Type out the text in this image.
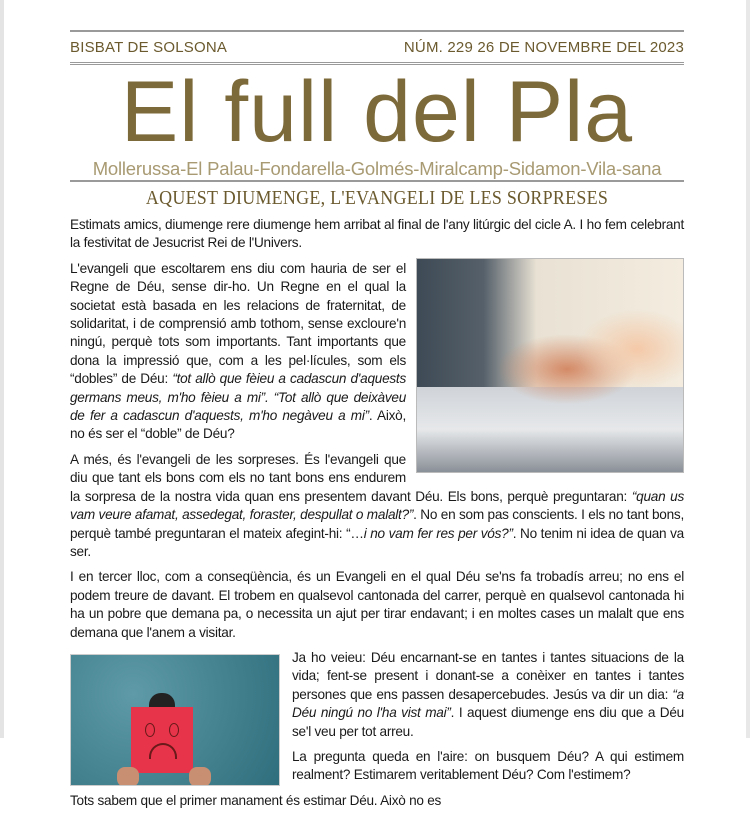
BISBAT DE SOLSONA	NÚM. 229 26 DE NOVEMBRE DEL 2023
El full del Pla
Mollerussa-El Palau-Fondarella-Golmés-Miralcamp-Sidamon-Vila-sana
AQUEST DIUMENGE, L'EVANGELI DE LES SORPRESES

Estimats amics, diumenge rere diumenge hem arribat al final de l'any litúrgic del cicle A. I ho fem celebrant la festivitat de Jesucrist Rei de l'Univers.

L'evangeli que escoltarem ens diu com hauria de ser el Regne de Déu, sense dir-ho. Un Regne en el qual la societat està basada en les relacions de fraternitat, de solidaritat, i de comprensió amb tothom, sense excloure'n ningú, perquè tots som importants. Tant importants que dona la impressió que, com a les pel·lícules, som els “dobles” de Déu: “tot allò que fèieu a cadascun d'aquests germans meus, m'ho fèieu a mi”. “Tot allò que deixàveu de fer a cadascun d'aquests, m'ho negàveu a mi”. Això, no és ser el “doble” de Déu?

A més, és l'evangeli de les sorpreses. És l'evangeli que diu que tant els bons com els no tant bons ens endurem la sorpresa de la nostra vida quan ens presentem davant Déu. Els bons, perquè preguntaran: “quan us vam veure afamat, assedegat, foraster, despullat o malalt?”. No en som pas conscients. I els no tant bons, perquè també preguntaran el mateix afegint-hi: “…i no vam fer res per vós?”. No tenim ni idea de quan va ser.

I en tercer lloc, com a conseqüència, és un Evangeli en el qual Déu se'ns fa trobadís arreu; no ens el podem treure de davant. El trobem en qualsevol cantonada del carrer, perquè en qualsevol cantonada hi ha un pobre que demana pa, o necessita un ajut per tirar endavant; i en moltes cases un malalt que ens demana que l'anem a visitar.

Ja ho veieu: Déu encarnant-se en tantes i tantes situacions de la vida; fent-se present i donant-se a conèixer en tantes i tantes persones que ens passen desapercebudes. Jesús va dir un dia: “a Déu ningú no l'ha vist mai”. I aquest diumenge ens diu que a Déu se'l veu per tot arreu.

La pregunta queda en l'aire: on busquem Déu? A qui estimem realment? Estimarem veritablement Déu? Com l'estimem?

Tots sabem que el primer manament és estimar Déu. Això no es
